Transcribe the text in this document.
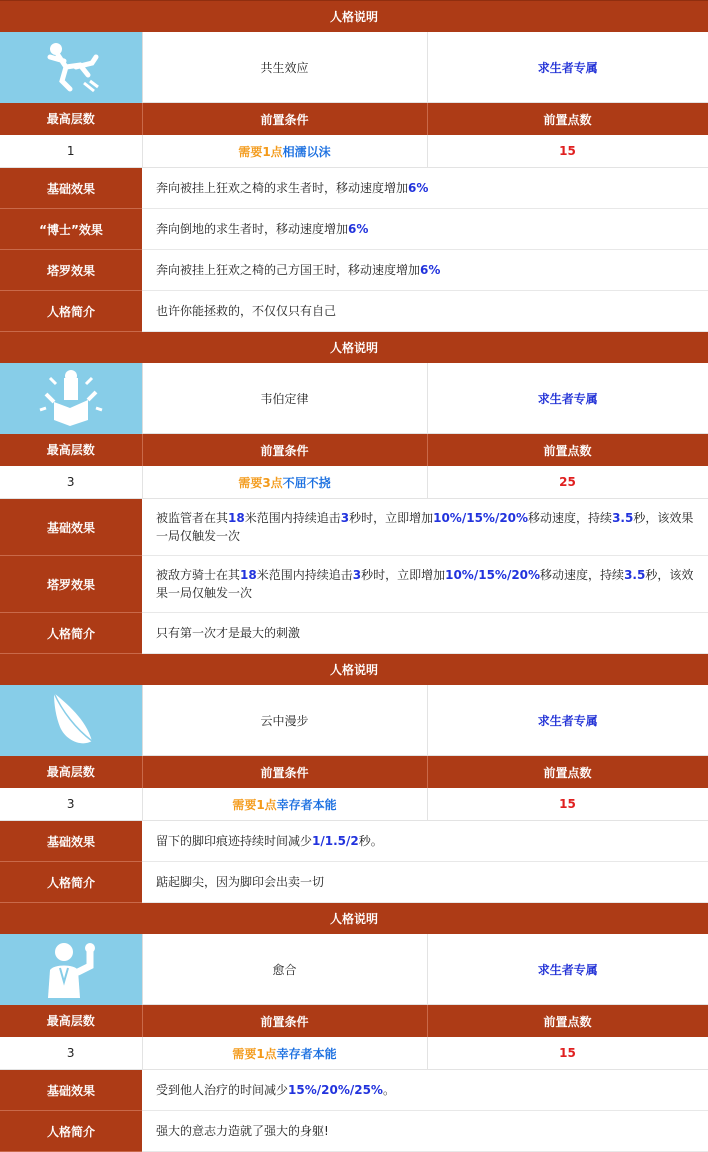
人格说明		

	共生效应	求生者专属
最高层数	前置条件	前置点数
1	需要1点相濡以沫	15
基础效果	奔向被挂上狂欢之椅的求生者时，移动速度增加6%	
“博士”效果	奔向倒地的求生者时，移动速度增加6%	
塔罗效果	奔向被挂上狂欢之椅的己方国王时，移动速度增加6%	
人格简介	也许你能拯救的，不仅仅只有自己	
人格说明		

	韦伯定律	求生者专属
最高层数	前置条件	前置点数
3	需要3点不屈不挠	25
基础效果	被监管者在其18米范围内持续追击3秒时，立即增加10%/15%/20%移动速度，持续3.5秒，该效果一局仅触发一次	
塔罗效果	被敌方骑士在其18米范围内持续追击3秒时，立即增加10%/15%/20%移动速度，持续3.5秒，该效果一局仅触发一次	
人格简介	只有第一次才是最大的刺激	
人格说明		

	云中漫步	求生者专属
最高层数	前置条件	前置点数
3	需要1点幸存者本能	15
基础效果	留下的脚印痕迹持续时间减少1/1.5/2秒。	
人格简介	踮起脚尖，因为脚印会出卖一切	
人格说明		

	愈合	求生者专属
最高层数	前置条件	前置点数
3	需要1点幸存者本能	15
基础效果	受到他人治疗的时间减少15%/20%/25%。	
人格简介	强大的意志力造就了强大的身躯!	
